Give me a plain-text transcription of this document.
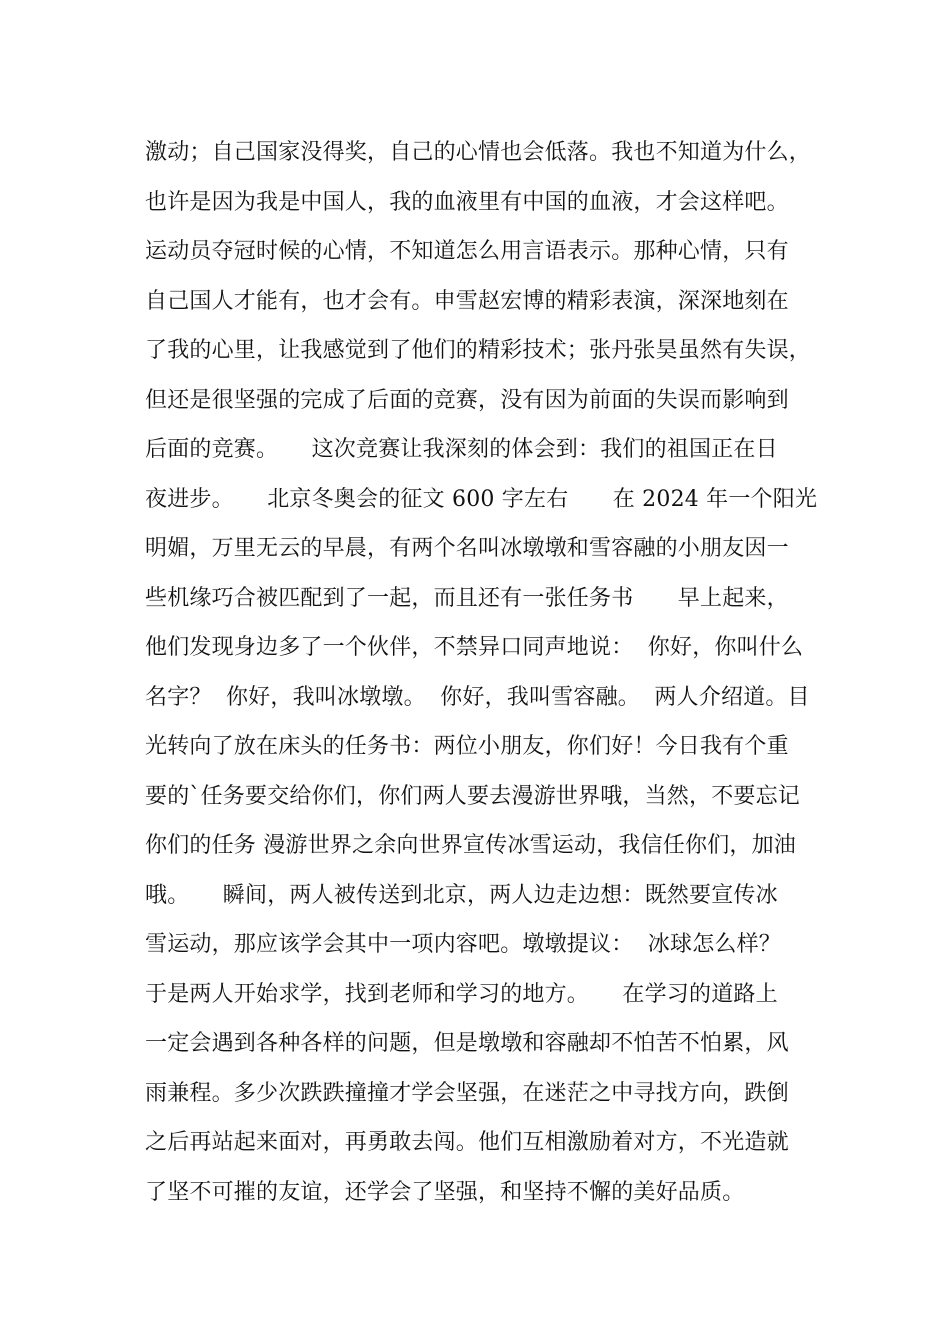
激动；自己国家没得奖，自己的心情也会低落。我也不知道为什么，
也许是因为我是中国人，我的血液里有中国的血液，才会这样吧。
运动员夺冠时候的心情，不知道怎么用言语表示。那种心情，只有
自己国人才能有，也才会有。申雪赵宏博的精彩表演，深深地刻在
了我的心里，让我感觉到了他们的精彩技术；张丹张昊虽然有失误，
但还是很坚强的完成了后面的竞赛，没有因为前面的失误而影响到
后面的竞赛。　　这次竞赛让我深刻的体会到：我们的祖国正在日
夜进步。　　北京冬奥会的征文 600 字左右　　在 2024 年一个阳光
明媚，万里无云的早晨，有两个名叫冰墩墩和雪容融的小朋友因一
些机缘巧合被匹配到了一起，而且还有一张任务书　　早上起来，
他们发现身边多了一个伙伴，不禁异口同声地说：  你好，你叫什么
名字？  你好，我叫冰墩墩。  你好，我叫雪容融。  两人介绍道。目
光转向了放在床头的任务书：两位小朋友，你们好！今日我有个重
要的`任务要交给你们，你们两人要去漫游世界哦，当然，不要忘记
你们的任务 漫游世界之余向世界宣传冰雪运动，我信任你们，加油
哦。　　瞬间，两人被传送到北京，两人边走边想：既然要宣传冰
雪运动，那应该学会其中一项内容吧。墩墩提议：  冰球怎么样？
于是两人开始求学，找到老师和学习的地方。　　在学习的道路上
一定会遇到各种各样的问题，但是墩墩和容融却不怕苦不怕累，风
雨兼程。多少次跌跌撞撞才学会坚强，在迷茫之中寻找方向，跌倒
之后再站起来面对，再勇敢去闯。他们互相激励着对方，不光造就
了坚不可摧的友谊，还学会了坚强，和坚持不懈的美好品质。
